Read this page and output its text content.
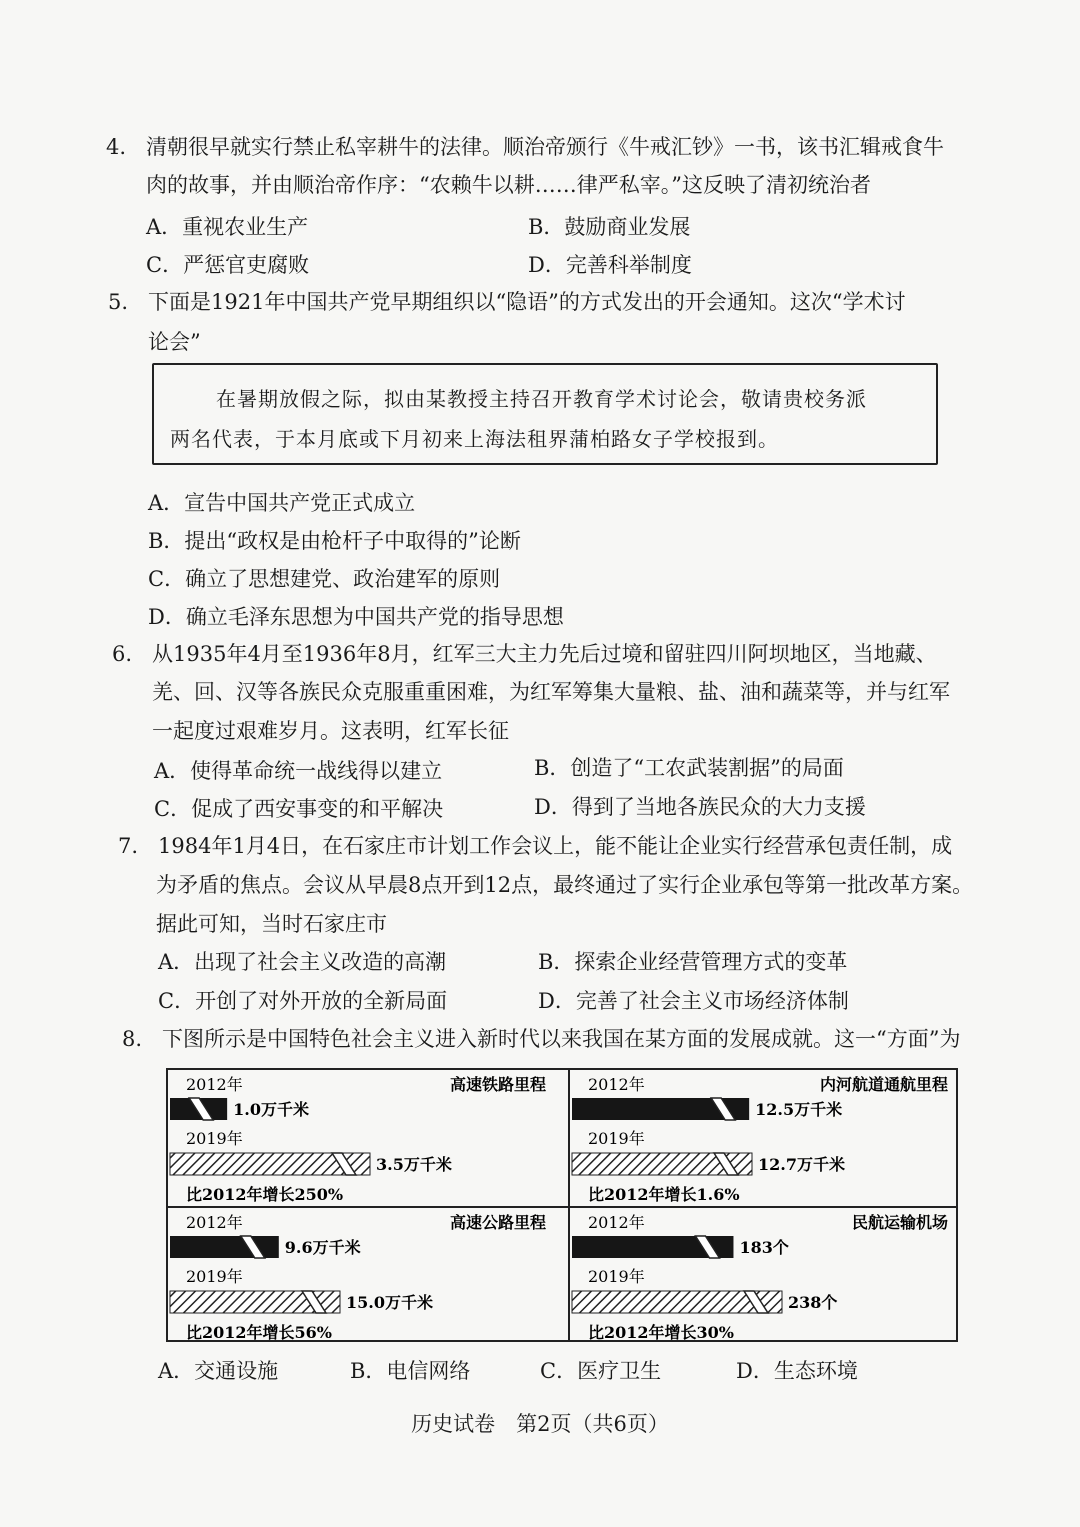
4. 清朝很早就实行禁止私宰耕牛的法律。顺治帝颁行《牛戒汇钞》一书，该书汇辑戒食牛
肉的故事，并由顺治帝作序：“农赖牛以耕……律严私宰。”这反映了清初统治者
A．重视农业生产	B．鼓励商业发展
C．严惩官吏腐败	D．完善科举制度
5. 下面是1921年中国共产党早期组织以“隐语”的方式发出的开会通知。这次“学术讨
论会”
在暑期放假之际，拟由某教授主持召开教育学术讨论会，敬请贵校务派
两名代表，于本月底或下月初来上海法租界蒲柏路女子学校报到。
A．宣告中国共产党正式成立
B．提出“政权是由枪杆子中取得的”论断
C．确立了思想建党、政治建军的原则
D．确立毛泽东思想为中国共产党的指导思想
6. 从1935年4月至1936年8月，红军三大主力先后过境和留驻四川阿坝地区，当地藏、
羌、回、汉等各族民众克服重重困难，为红军筹集大量粮、盐、油和蔬菜等，并与红军
一起度过艰难岁月。这表明，红军长征
A．使得革命统一战线得以建立	B．创造了“工农武装割据”的局面
C．促成了西安事变的和平解决	D．得到了当地各族民众的大力支援
7. 1984年1月4日，在石家庄市计划工作会议上，能不能让企业实行经营承包责任制，成
为矛盾的焦点。会议从早晨8点开到12点，最终通过了实行企业承包等第一批改革方案。
据此可知，当时石家庄市
A．出现了社会主义改造的高潮	B．探索企业经营管理方式的变革
C．开创了对外开放的全新局面	D．完善了社会主义市场经济体制
8. 下图所示是中国特色社会主义进入新时代以来我国在某方面的发展成就。这一“方面”为
高速铁路里程
2012年
1.0万千米
2019年
3.5万千米
比2012年增长250%
内河航道通航里程
2012年
12.5万千米
2019年
12.7万千米
比2012年增长1.6%
高速公路里程
2012年
9.6万千米
2019年
15.0万千米
比2012年增长56%
民航运输机场
2012年
183个
2019年
238个
比2012年增长30%
A．交通设施	B．电信网络	C．医疗卫生	D．生态环境
历史试卷　第2页（共6页）
